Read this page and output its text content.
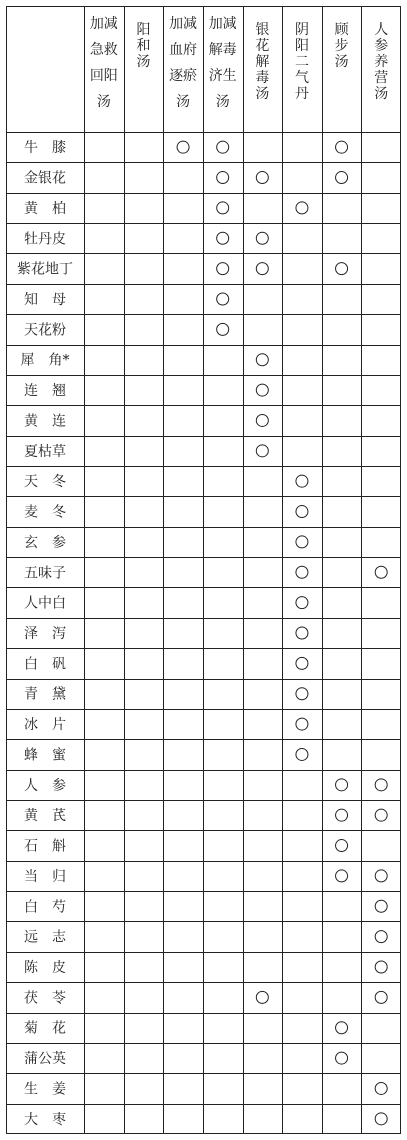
加减
急救
回阳
汤
阳
和
汤
加减
血府
逐瘀
汤
加减
解毒
济生
汤
银
花
解
毒
汤
阴
阳
二
气
丹
顾
步
汤
人
参
养
营
汤
牛　膝
金银花
黄　柏
牡丹皮
紫花地丁
知　母
天花粉
犀　角*
连　翘
黄　连
夏枯草
天　冬
麦　冬
玄　参
五味子
人中白
泽　泻
白　矾
青　黛
冰　片
蜂　蜜
人　参
黄　芪
石　斛
当　归
白　芍
远　志
陈　皮
茯　苓
菊　花
蒲公英
生　姜
大　枣
